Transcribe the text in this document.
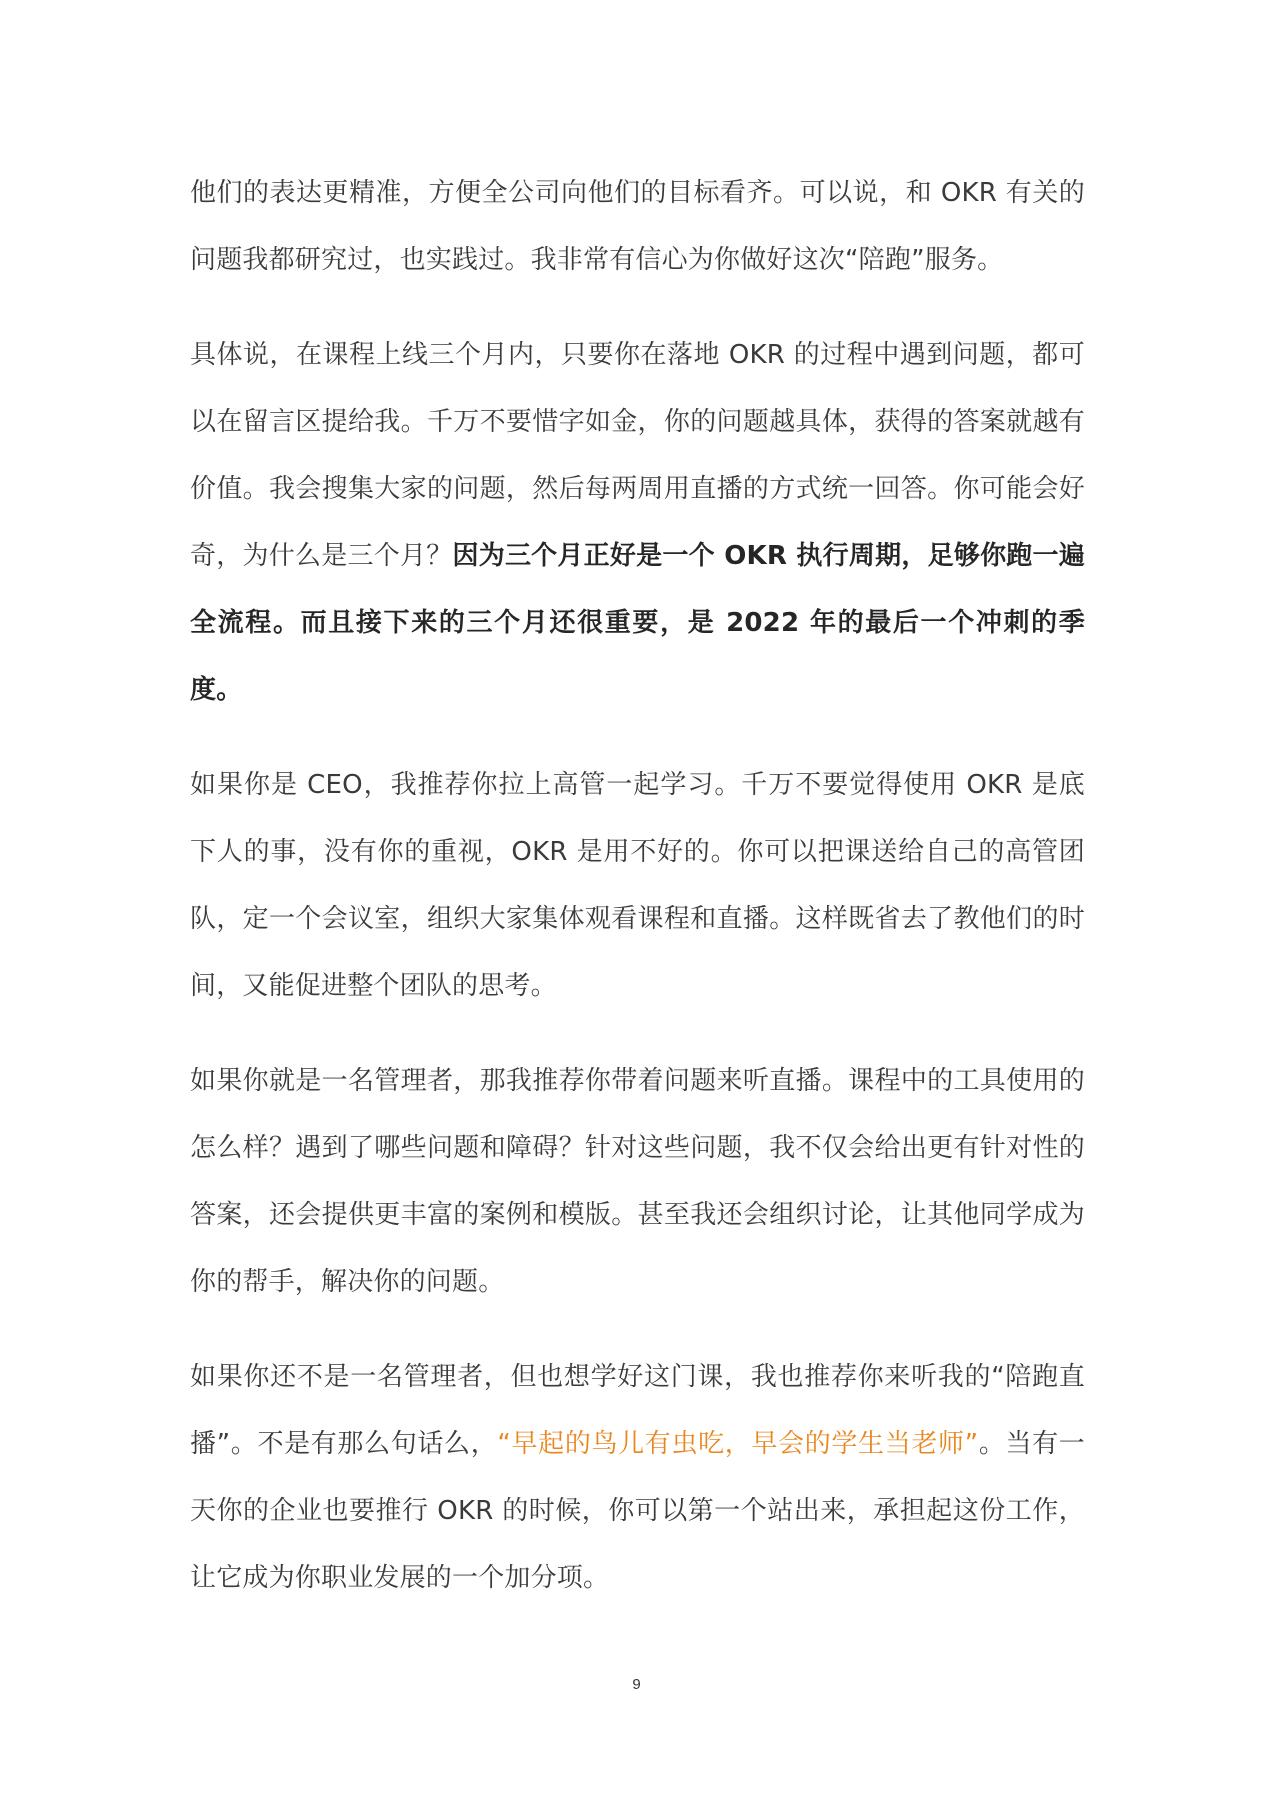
他们的表达更精准，方便全公司向他们的目标看齐。可以说，和 OKR 有关的问题我都研究过，也实践过。我非常有信心为你做好这次“陪跑”服务。

具体说，在课程上线三个月内，只要你在落地 OKR 的过程中遇到问题，都可以在留言区提给我。千万不要惜字如金，你的问题越具体，获得的答案就越有价值。我会搜集大家的问题，然后每两周用直播的方式统一回答。你可能会好奇，为什么是三个月？因为三个月正好是一个 OKR 执行周期，足够你跑一遍全流程。而且接下来的三个月还很重要，是 2022 年的最后一个冲刺的季度。

如果你是 CEO，我推荐你拉上高管一起学习。千万不要觉得使用 OKR 是底下人的事，没有你的重视，OKR 是用不好的。你可以把课送给自己的高管团队，定一个会议室，组织大家集体观看课程和直播。这样既省去了教他们的时间，又能促进整个团队的思考。

如果你就是一名管理者，那我推荐你带着问题来听直播。课程中的工具使用的怎么样？遇到了哪些问题和障碍？针对这些问题，我不仅会给出更有针对性的答案，还会提供更丰富的案例和模版。甚至我还会组织讨论，让其他同学成为你的帮手，解决你的问题。

如果你还不是一名管理者，但也想学好这门课，我也推荐你来听我的“陪跑直播”。不是有那么句话么，“早起的鸟儿有虫吃，早会的学生当老师”。当有一天你的企业也要推行 OKR 的时候，你可以第一个站出来，承担起这份工作，让它成为你职业发展的一个加分项。

9
